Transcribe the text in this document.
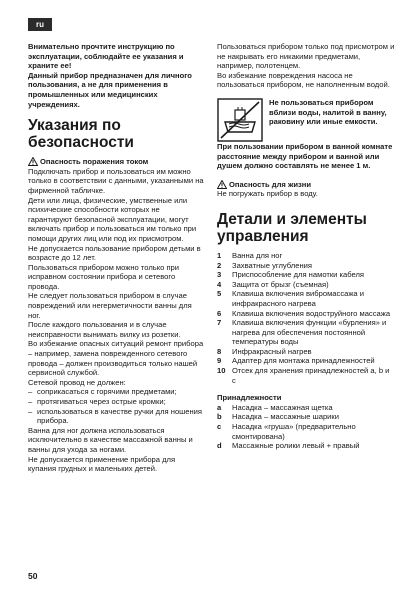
ru

Внимательно прочтите инструкцию по эксплуатации, соблюдайте ее указания и храните ее!

Данный прибор предназначен для личного пользования, а не для применения в промышленных или медицинских учреждениях.

Указания по безопасности
Опасность поражения током

Подключать прибор и пользоваться им можно только в соответствии с данными, указанными на фирменной табличке.

Дети или лица, физические, умственные или психические способности которых не гарантируют безопасной эксплуатации, могут включать прибор и пользоваться им только при помощи других лиц или под их присмотром.

Не допускается пользование прибором детьми в возрасте до 12 лет.

Пользоваться прибором можно только при исправном состоянии прибора и сетевого провода.

Не следует пользоваться прибором в случае повреждений или негерметичности ванны для ног.

После каждого пользования и в случае неисправности вынимать вилку из розетки.

Во избежание опасных ситуаций ремонт прибора – например, замена поврежденного сетевого провода – должен производиться только нашей сервисной службой.

Сетевой провод не должен:

– соприкасаться с горячими предметами;
– протягиваться через острые кромки;
– использоваться в качестве ручки для ношения прибора.

Ванна для ног должна использоваться исключительно в качестве массажной ванны и ванны для ухода за ногами.

Не допускается применение прибора для купания грудных и маленьких детей.

Пользоваться прибором только под присмотром и не накрывать его никакими предметами, например, полотенцем.

Во избежание повреждения насоса не пользоваться прибором, не наполненным водой.

Не пользоваться прибором вблизи воды, налитой в ванну, раковину или иные емкости.

При пользовании прибором в ванной комнате расстояние между прибором и ванной или душем должно составлять не менее 1 м.

Опасность для жизни

Не погружать прибор в воду.

Детали и элементы управления
1	Ванна для ног
2	Захватные углубления
3	Приспособление для намотки кабеля
4	Защита от брызг (съемная)
5	Клавиша включения вибромассажа и инфракрасного нагрева
6	Клавиша включения водоструйного массажа
7	Клавиша включения функции «бурления» и нагрева для обеспечения постоянной температуры воды
8	Инфракрасный нагрев
9	Адаптер для монтажа принадлежностей
10 Отсек для хранения принадлежностей a, b и c

Принадлежности

a	Насадка – массажная щетка
b	Насадка – массажные шарики
c	Насадка «груша» (предварительно смонтирована)
d	Массажные ролики левый + правый
50
